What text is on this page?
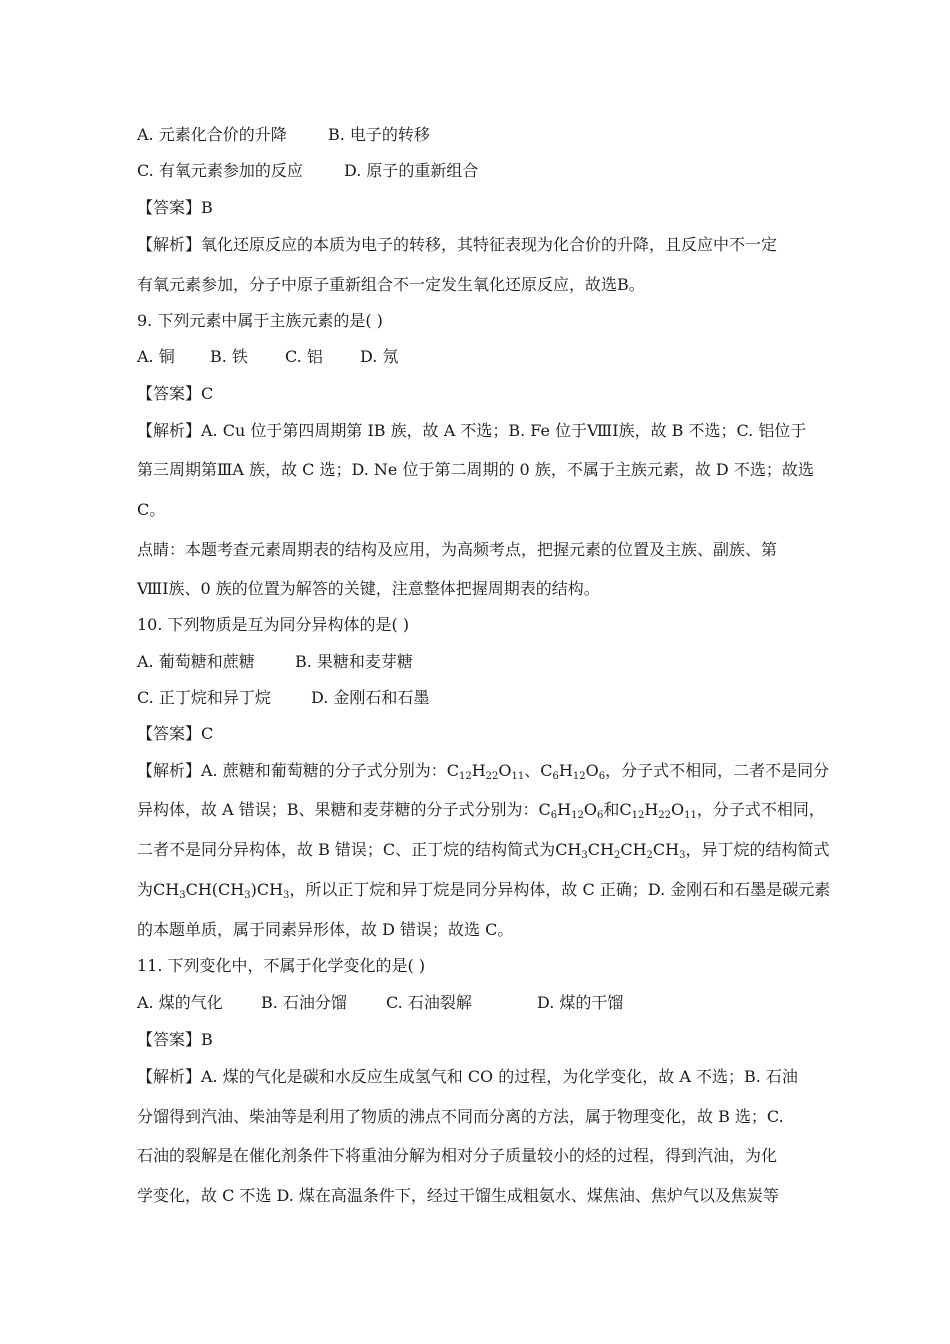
A. 元素化合价的升降	B. 电子的转移
C. 有氧元素参加的反应	D. 原子的重新组合
【答案】B
【解析】氧化还原反应的本质为电子的转移，其特征表现为化合价的升降，且反应中不一定
有氧元素参加，分子中原子重新组合不一定发生氧化还原反应，故选B。
9. 下列元素中属于主族元素的是( )
A. 铜 B. 铁 C. 铝 D. 氖
【答案】C
【解析】A. Cu 位于第四周期第 IB 族，故 A 不选；B. Fe 位于ⅧI族，故 B 不选；C. 铝位于
第三周期第ⅢA 族，故 C 选；D. Ne 位于第二周期的 0 族，不属于主族元素，故 D 不选；故选
C。
点睛：本题考查元素周期表的结构及应用，为高频考点，把握元素的位置及主族、副族、第
ⅧI族、0 族的位置为解答的关键，注意整体把握周期表的结构。
10. 下列物质是互为同分异构体的是( )
A. 葡萄糖和蔗糖	B. 果糖和麦芽糖
C. 正丁烷和异丁烷	D. 金刚石和石墨
【答案】C
【解析】A. 蔗糖和葡萄糖的分子式分别为：$C_{12}H_{22}O_{11}$、$C_6H_{12}O_6$，分子式不相同，二者不是同分
异构体，故 A 错误；B、果糖和麦芽糖的分子式分别为：$C_6H_{12}O_6$和$C_{12}H_{22}O_{11}$，分子式不相同，
二者不是同分异构体，故 B 错误；C、正丁烷的结构简式为$CH_3CH_2CH_2CH_3$，异丁烷的结构简式
为$CH_3CH(CH_3)CH_3$，所以正丁烷和异丁烷是同分异构体，故 C 正确；D. 金刚石和石墨是碳元素
的本题单质，属于同素异形体，故 D 错误；故选 C。
11. 下列变化中，不属于化学变化的是( )
A. 煤的气化 B. 石油分馏 C. 石油裂解	D. 煤的干馏
【答案】B
【解析】A. 煤的气化是碳和水反应生成氢气和 CO 的过程，为化学变化，故 A 不选；B. 石油
分馏得到汽油、柴油等是利用了物质的沸点不同而分离的方法，属于物理变化，故 B 选；C.
石油的裂解是在催化剂条件下将重油分解为相对分子质量较小的烃的过程，得到汽油，为化
学变化，故 C 不选 D. 煤在高温条件下，经过干馏生成粗氨水、煤焦油、焦炉气以及焦炭等
